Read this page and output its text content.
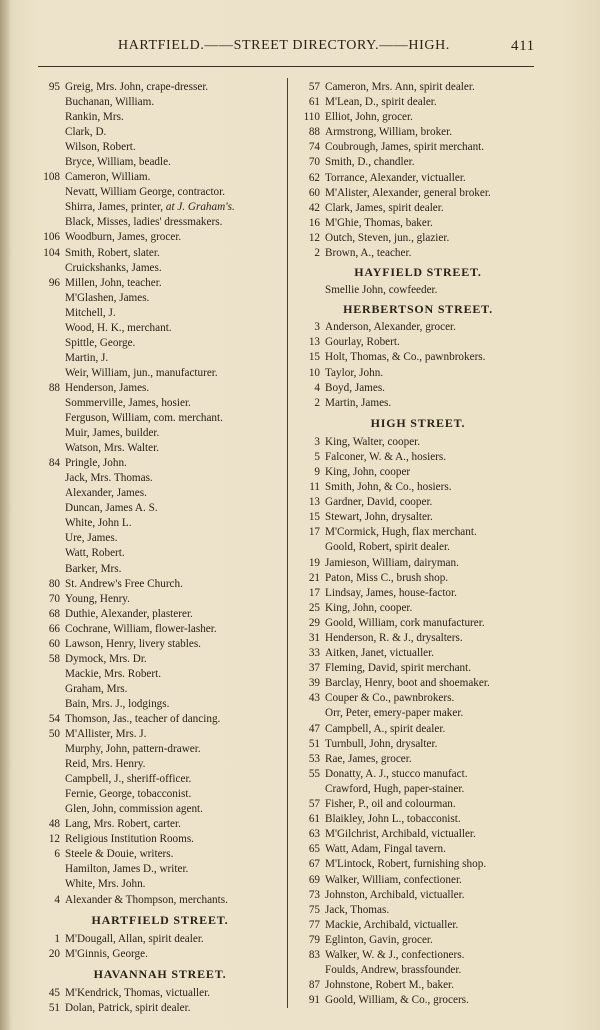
HARTFIELD.——STREET DIRECTORY.——HIGH.	411
95 Greig, Mrs. John, crape-dresser.
Buchanan, William.
Rankin, Mrs.
Clark, D.
Wilson, Robert.
Bryce, William, beadle.
108 Cameron, William.
Nevatt, William George, contractor.
Shirra, James, printer, at J. Graham's.
Black, Misses, ladies' dressmakers.
106 Woodburn, James, grocer.
104 Smith, Robert, slater.
Cruickshanks, James.
96 Millen, John, teacher.
M'Glashen, James.
Mitchell, J.
Wood, H. K., merchant.
Spittle, George.
Martin, J.
Weir, William, jun., manufacturer.
88 Henderson, James.
Sommerville, James, hosier.
Ferguson, William, com. merchant.
Muir, James, builder.
Watson, Mrs. Walter.
84 Pringle, John.
Jack, Mrs. Thomas.
Alexander, James.
Duncan, James A. S.
White, John L.
Ure, James.
Watt, Robert.
Barker, Mrs.
80 St. Andrew's Free Church.
70 Young, Henry.
68 Duthie, Alexander, plasterer.
66 Cochrane, William, flower-lasher.
60 Lawson, Henry, livery stables.
58 Dymock, Mrs. Dr.
Mackie, Mrs. Robert.
Graham, Mrs.
Bain, Mrs. J., lodgings.
54 Thomson, Jas., teacher of dancing.
50 M'Allister, Mrs. J.
Murphy, John, pattern-drawer.
Reid, Mrs. Henry.
Campbell, J., sheriff-officer.
Fernie, George, tobacconist.
Glen, John, commission agent.
48 Lang, Mrs. Robert, carter.
12 Religious Institution Rooms.
6 Steele & Douie, writers.
Hamilton, James D., writer.
White, Mrs. John.
4 Alexander & Thompson, merchants.
HARTFIELD STREET.
1 M'Dougall, Allan, spirit dealer.
20 M'Ginnis, George.
HAVANNAH STREET.
45 M'Kendrick, Thomas, victualler.
51 Dolan, Patrick, spirit dealer.
57 Cameron, Mrs. Ann, spirit dealer.
61 M'Lean, D., spirit dealer.
110 Elliot, John, grocer.
88 Armstrong, William, broker.
74 Coubrough, James, spirit merchant.
70 Smith, D., chandler.
62 Torrance, Alexander, victualler.
60 M'Alister, Alexander, general broker.
42 Clark, James, spirit dealer.
16 M'Ghie, Thomas, baker.
12 Outch, Steven, jun., glazier.
2 Brown, A., teacher.
HAYFIELD STREET.
Smellie John, cowfeeder.
HERBERTSON STREET.
3 Anderson, Alexander, grocer.
13 Gourlay, Robert.
15 Holt, Thomas, & Co., pawnbrokers.
10 Taylor, John.
4 Boyd, James.
2 Martin, James.
HIGH STREET.
3 King, Walter, cooper.
5 Falconer, W. & A., hosiers.
9 King, John, cooper
11 Smith, John, & Co., hosiers.
13 Gardner, David, cooper.
15 Stewart, John, drysalter.
17 M'Cormick, Hugh, flax merchant.
Goold, Robert, spirit dealer.
19 Jamieson, William, dairyman.
21 Paton, Miss C., brush shop.
17 Lindsay, James, house-factor.
25 King, John, cooper.
29 Goold, William, cork manufacturer.
31 Henderson, R. & J., drysalters.
33 Aitken, Janet, victualler.
37 Fleming, David, spirit merchant.
39 Barclay, Henry, boot and shoemaker.
43 Couper & Co., pawnbrokers.
Orr, Peter, emery-paper maker.
47 Campbell, A., spirit dealer.
51 Turnbull, John, drysalter.
53 Rae, James, grocer.
55 Donatty, A. J., stucco manufact.
Crawford, Hugh, paper-stainer.
57 Fisher, P., oil and colourman.
61 Blaikley, John L., tobacconist.
63 M'Gilchrist, Archibald, victualler.
65 Watt, Adam, Fingal tavern.
67 M'Lintock, Robert, furnishing shop.
69 Walker, William, confectioner.
73 Johnston, Archibald, victualler.
75 Jack, Thomas.
77 Mackie, Archibald, victualler.
79 Eglinton, Gavin, grocer.
83 Walker, W. & J., confectioners.
Foulds, Andrew, brassfounder.
87 Johnstone, Robert M., baker.
91 Goold, William, & Co., grocers.
